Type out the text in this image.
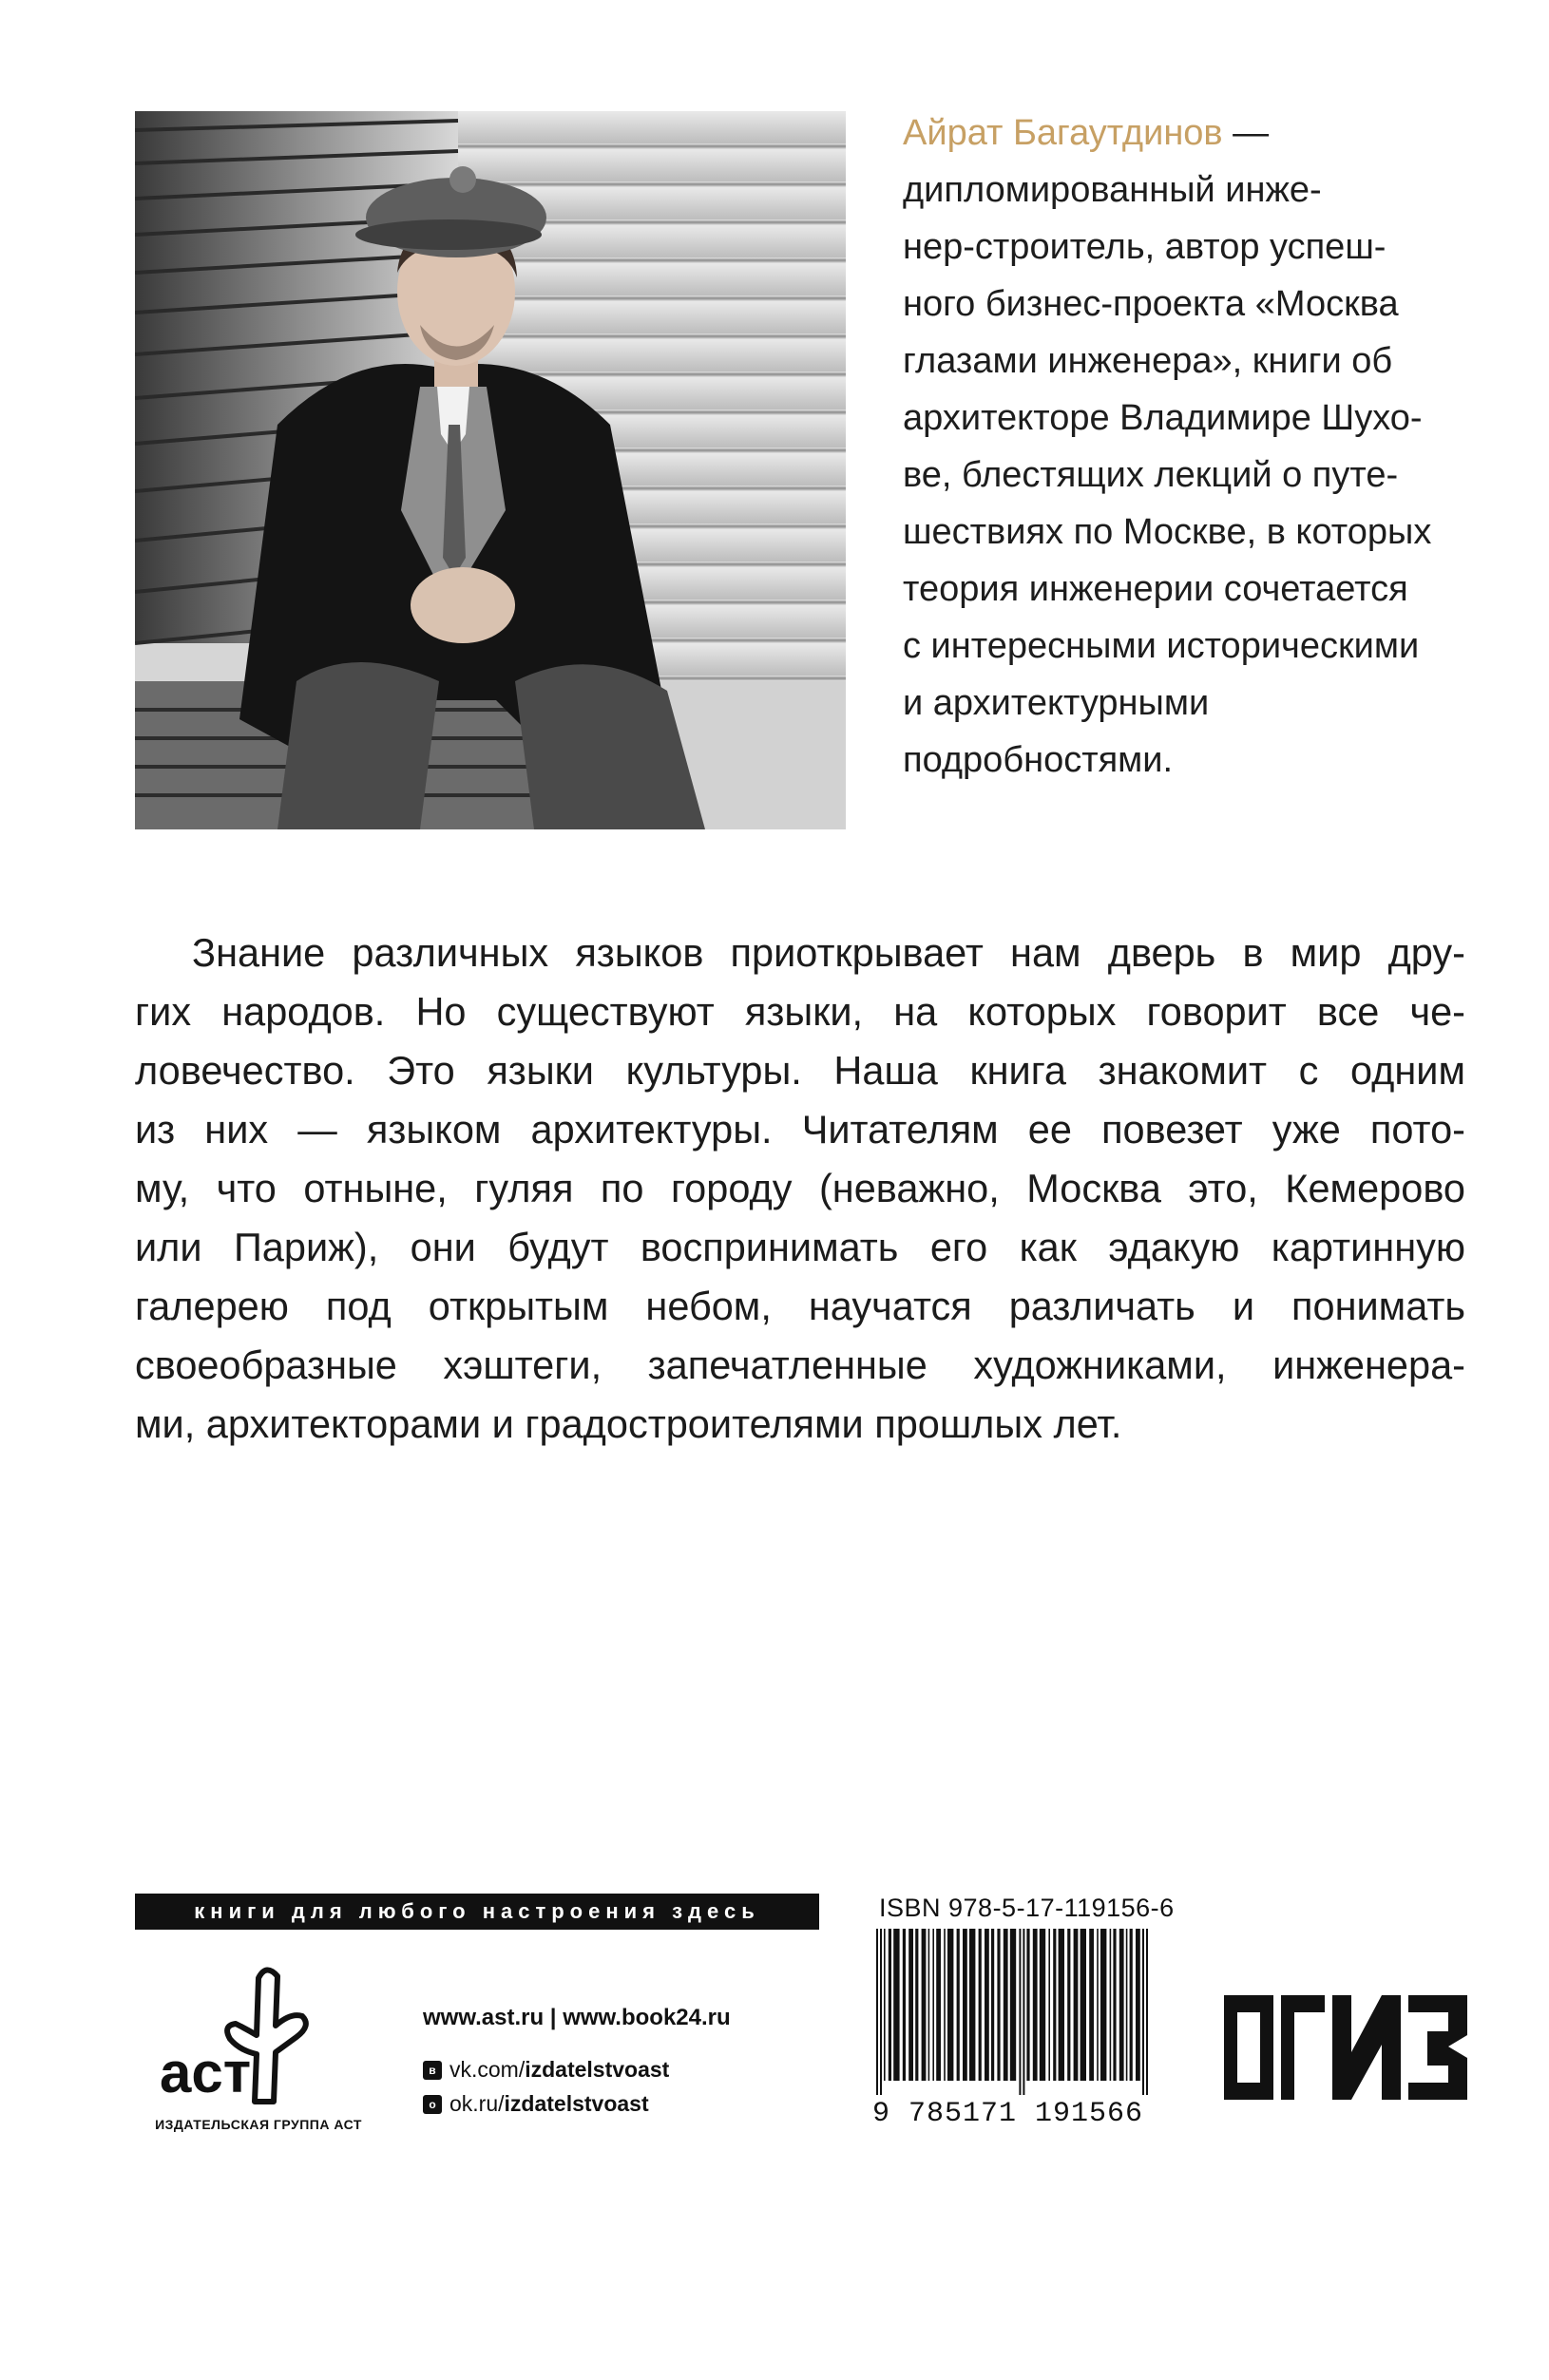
Айрат Багаутдинов —
дипломированный инже-
нер-строитель, автор успеш-
ного бизнес-проекта «Москва
глазами инженера», книги об
архитекторе Владимире Шухо-
ве, блестящих лекций о путе-
шествиях по Москве, в которых
теория инженерии сочетается
с интересными историческими
и архитектурными
подробностями.
Знание различных языков приоткрывает нам дверь в мир дру-
гих народов. Но существуют языки, на которых говорит все че-
ловечество. Это языки культуры. Наша книга знакомит с одним
из них — языком архитектуры. Читателям ее повезет уже пото-
му, что отныне, гуляя по городу (неважно, Москва это, Кемерово
или Париж), они будут воспринимать его как эдакую картинную
галерею под открытым небом, научатся различать и понимать
своеобразные хэштеги, запечатленные художниками, инженера-
ми, архитекторами и градостроителями прошлых лет.
книги для любого настроения здесь
аст
ИЗДАТЕЛЬСКАЯ ГРУППА АСТ
www.ast.ru | www.book24.ru
в vk.com/ izdatelstvoast
о ok.ru/ izdatelstvoast
ISBN 978-5-17-119156-6
9 785171 191566
ОГИЗ
